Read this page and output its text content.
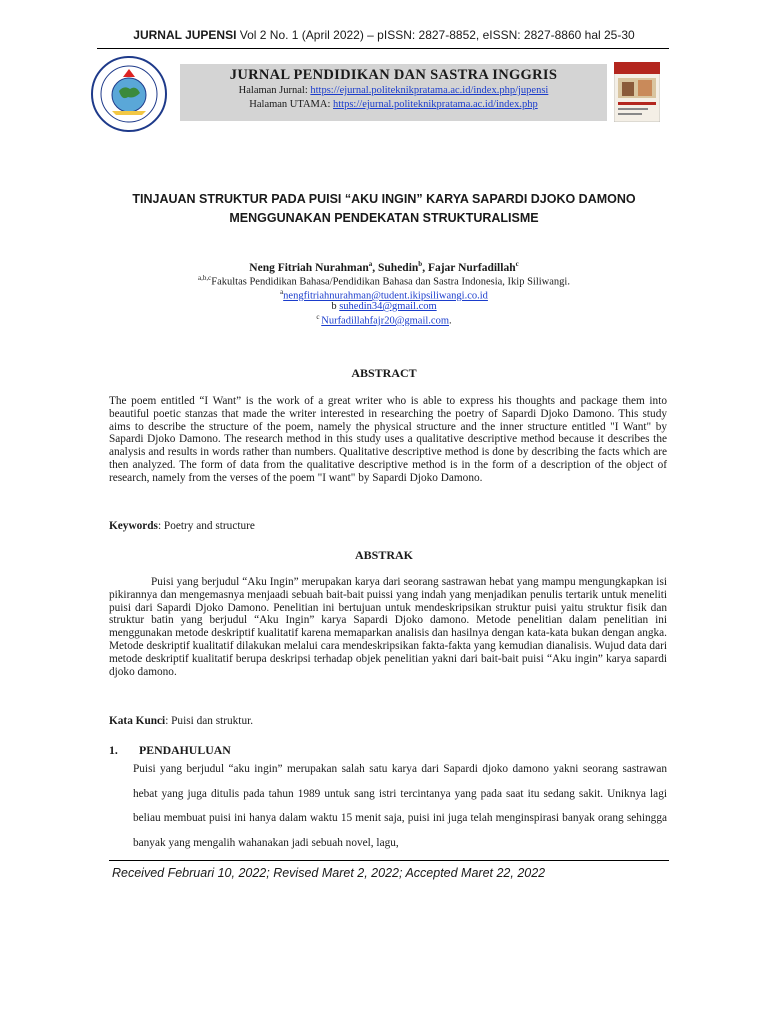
JURNAL JUPENSI Vol 2 No. 1 (April 2022) – pISSN: 2827-8852, eISSN: 2827-8860 hal 25-30
JURNAL PENDIDIKAN DAN SASTRA INGGRIS
Halaman Jurnal: https://ejurnal.politeknikpratama.ac.id/index.php/jupensi
Halaman UTAMA: https://ejurnal.politeknikpratama.ac.id/index.php
TINJAUAN STRUKTUR PADA PUISI “AKU INGIN” KARYA SAPARDI DJOKO DAMONO
MENGGUNAKAN PENDEKATAN STRUKTURALISME
Neng Fitriah Nurahman$^a$, Suhedin$^b$, Fajar Nurfadillah$^c$
$^{a,b,c}$Fakultas Pendidikan Bahasa/Pendidikan Bahasa dan Sastra Indonesia, Ikip Siliwangi.
$^a$nengfitriahnurahman@tudent.ikipsiliwangi.co.id
b suhedin34@gmail.com
$^c$ Nurfadillahfajr20@gmail.com.
ABSTRACT
The poem entitled “I Want” is the work of a great writer who is able to express his thoughts and package them into beautiful poetic stanzas that made the writer interested in researching the poetry of Sapardi Djoko Damono. This study aims to describe the structure of the poem, namely the physical structure and the inner structure entitled "I Want" by Sapardi Djoko Damono. The research method in this study uses a qualitative descriptive method because it describes the analysis and results in words rather than numbers. Qualitative descriptive method is done by describing the facts which are then analyzed. The form of data from the qualitative descriptive method is in the form of a description of the object of research, namely from the verses of the poem "I want" by Sapardi Djoko Damono.
Keywords: Poetry and structure
ABSTRAK
Puisi yang berjudul “Aku Ingin” merupakan karya dari seorang sastrawan hebat yang mampu mengungkapkan isi pikirannya dan mengemasnya menjaadi sebuah bait-bait puissi yang indah yang menjadikan penulis tertarik untuk meneliti puisi dari Sapardi Djoko Damono. Penelitian ini bertujuan untuk mendeskripsikan struktur puisi yaitu struktur fisik dan struktur batin yang berjudul “Aku Ingin” karya Sapardi Djoko damono. Metode penelitian dalam penelitian ini menggunakan metode deskriptif kualitatif karena memaparkan analisis dan hasilnya dengan kata-kata bukan dengan angka. Metode deskriptif kualitatif dilakukan melalui cara mendeskripsikan fakta-fakta yang kemudian dianalisis. Wujud data dari metode deskriptif kualitatif berupa deskripsi terhadap objek penelitian yakni dari bait-bait puisi “Aku ingin” karya sapardi djoko damono.
Kata Kunci: Puisi dan struktur.
1. PENDAHULUAN
Puisi yang berjudul “aku ingin” merupakan salah satu karya dari Sapardi djoko damono yakni seorang sastrawan hebat yang juga ditulis pada tahun 1989 untuk sang istri tercintanya yang pada saat itu sedang sakit. Uniknya lagi beliau membuat puisi ini hanya dalam waktu 15 menit saja, puisi ini juga telah menginspirasi banyak orang sehingga banyak yang mengalih wahanakan jadi sebuah novel, lagu,
Received Februari 10, 2022; Revised Maret 2, 2022; Accepted Maret 22, 2022
